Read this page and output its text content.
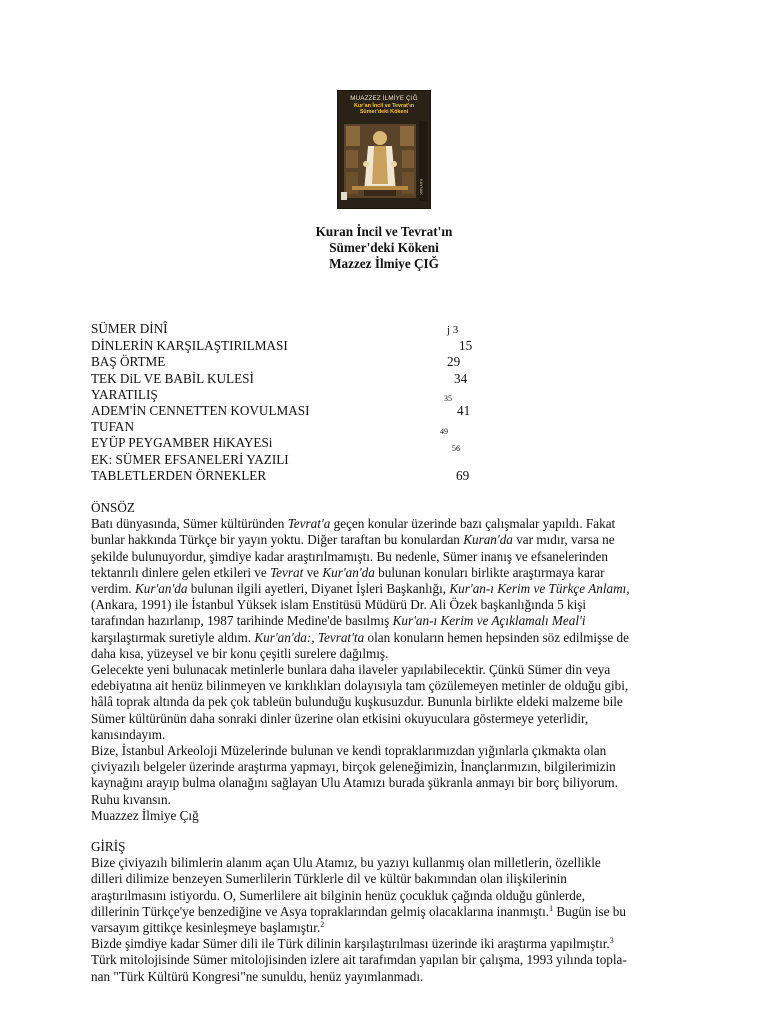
MUAZZEZ İLMİYE ÇIĞ
Kur'an İncil ve Tevrat'ın
Sümer'deki Kökeni
KAYNAK
Kuran İncil ve Tevrat'ın
Sümer'deki Kökeni
Mazzez İlmiye ÇIĞ
SÜMER DİNÎ	j 3
DİNLERİN KARŞILAŞTIRILMASI	15
BAŞ ÖRTME	29
TEK DiL VE BABİL KULESİ	34
YARATILIŞ	35
ADEM'İN CENNETTEN KOVULMASI	41
TUFAN	49
EYÜP PEYGAMBER HiKAYESi	56
EK: SÜMER EFSANELERİ YAZILI
TABLETLERDEN ÖRNEKLER	69

ÖNSÖZ

Batı dünyasında, Sümer kültüründen Tevrat'a geçen konular üzerinde bazı çalışmalar yapıldı. Fakat
bunlar hakkında Türkçe bir yayın yoktu. Diğer taraftan bu konulardan Kuran'da var mıdır, varsa ne
şekilde bulunuyordur, şimdiye kadar araştırılmamıştı. Bu nedenle, Sümer inanış ve efsanelerinden
tektanrılı dinlere gelen etkileri ve Tevrat ve Kur'an'da bulunan konuları birlikte araştırmaya karar
verdim. Kur'an'da bulunan ilgili ayetleri, Diyanet İşleri Başkanlığı, Kur'an-ı Kerim ve Türkçe Anlamı,
(Ankara, 1991) ile İstanbul Yüksek islam Enstitüsü Müdürü Dr. Ali Özek başkanlığında 5 kişi
tarafından hazırlanıp, 1987 tarihinde Medine'de basılmış Kur'an-ı Kerim ve Açıklamalı Meal'i
karşılaştırmak suretiyle aldım. Kur'an'da:, Tevrat'ta olan konuların hemen hepsinden söz edilmişse de
daha kısa, yüzeysel ve bir konu çeşitli surelere dağılmış.
Gelecekte yeni bulunacak metinlerle bunlara daha ilaveler yapılabilecektir. Çünkü Sümer din veya
edebiyatına ait henüz bilinmeyen ve kırıklıkları dolayısıyla tam çözülemeyen metinler de olduğu gibi,
hâlâ toprak altında da pek çok tableün bulunduğu kuşkusuzdur. Bununla birlikte eldeki malzeme bile
Sümer kültürünün daha sonraki dinler üzerine olan etkisini okuyuculara göstermeye yeterlidir,
kanısındayım.
Bize, İstanbul Arkeoloji Müzelerinde bulunan ve kendi topraklarımızdan yığınlarla çıkmakta olan
çiviyazılı belgeler üzerinde araştırma yapmayı, birçok geleneğimizin, İnançlarımızın, bilgilerimizin
kaynağını arayıp bulma olanağını sağlayan Ulu Atamızı burada şükranla anmayı bir borç biliyorum.
Ruhu kıvansın.
Muazzez İlmiye Çığ

GİRİŞ

Bize çiviyazılı bilimlerin alanım açan Ulu Atamız, bu yazıyı kullanmış olan milletlerin, özellikle
dilleri dilimize benzeyen Sumerlilerin Türklerle dil ve kültür bakımından olan ilişkilerinin
araştırılmasını istiyordu. O, Sumerlilere ait bilginin henüz çocukluk çağında olduğu günlerde,
dillerinin Türkçe'ye benzediğine ve Asya topraklarından gelmiş olacaklarına inanmıştı.$^1$ Bugün ise bu
varsayım gittikçe kesinleşmeye başlamıştır.$^2$
Bizde şimdiye kadar Sümer dili ile Türk dilinin karşılaştırılması üzerinde iki araştırma yapılmıştır.$^3$
Türk mitolojisinde Sümer mitolojisinden izlere ait tarafımdan yapılan bir çalışma, 1993 yılında topla-
nan "Türk Kültürü Kongresi"ne sunuldu, henüz yayımlanmadı.
